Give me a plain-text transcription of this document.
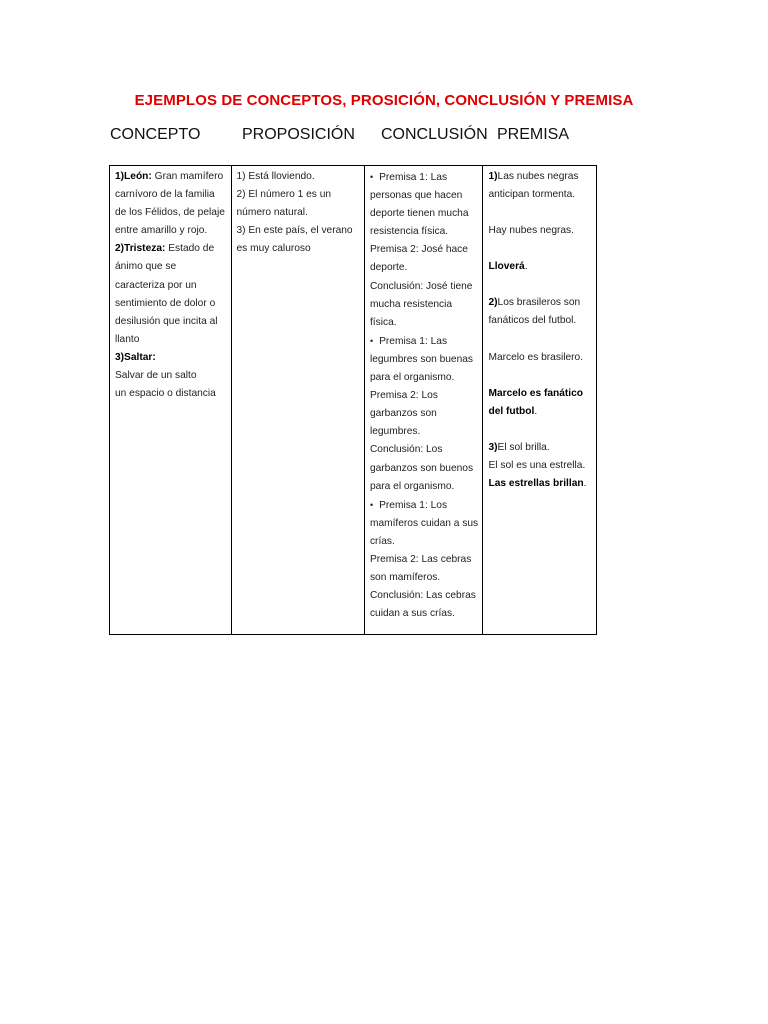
EJEMPLOS DE CONCEPTOS, PROSICIÓN, CONCLUSIÓN Y PREMISA
CONCEPTO	PROPOSICIÓN CONCLUSIÓN PREMISA

1)León: Gran mamífero carnívoro de la familia de los Félidos, de pelaje entre amarillo y rojo.

2)Tristeza: Estado de ánimo que se caracteriza por un sentimiento de dolor o desilusión que incita al llanto

3)Saltar:

Salvar de un salto

un espacio o distancia

1) Está lloviendo.

2) El número 1 es un número natural.

3) En este país, el verano es muy caluroso

• Premisa 1: Las personas que hacen deporte tienen mucha resistencia física.

Premisa 2: José hace deporte.

Conclusión: José tiene mucha resistencia física.

• Premisa 1: Las legumbres son buenas para el organismo.

Premisa 2: Los garbanzos son legumbres.

Conclusión: Los garbanzos son buenos para el organismo.

• Premisa 1: Los mamíferos cuidan a sus crías.

Premisa 2: Las cebras son mamíferos.

Conclusión: Las cebras cuidan a sus crías.

1)Las nubes negras anticipan tormenta.

Hay nubes negras.

Lloverá.

2)Los brasileros son fanáticos del futbol.

Marcelo es brasilero.

Marcelo es fanático del futbol.

3)El sol brilla.

El sol es una estrella.

Las estrellas brillan.
